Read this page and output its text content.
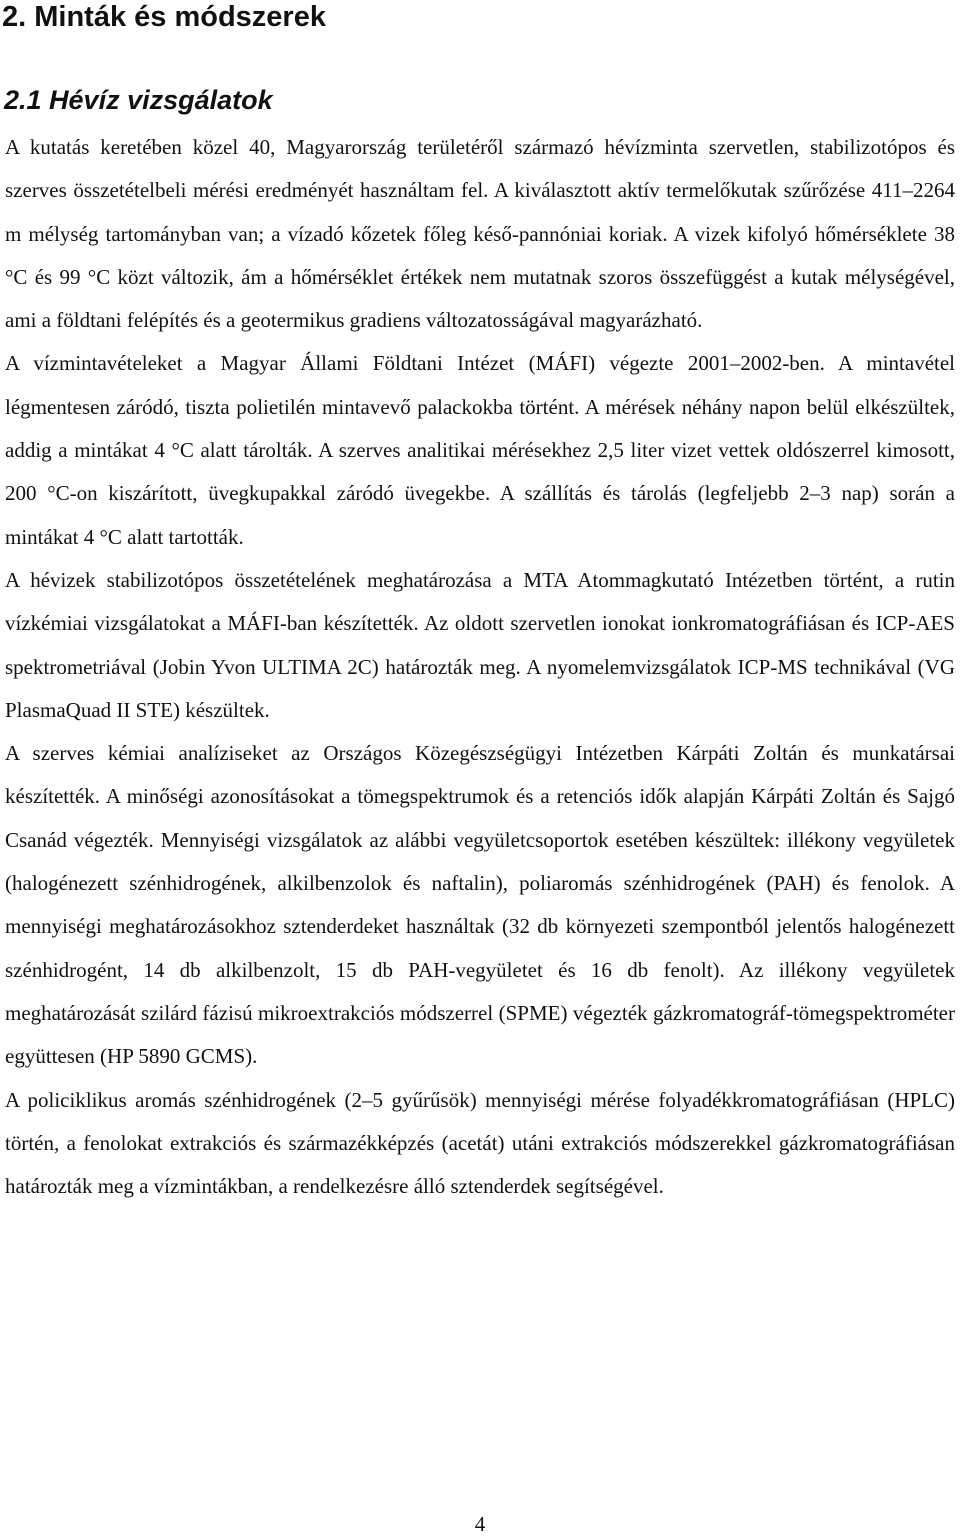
2. Minták és módszerek
2.1 Hévíz vizsgálatok

A kutatás keretében közel 40, Magyarország területéről származó hévízminta szervetlen, stabilizotópos és szerves összetételbeli mérési eredményét használtam fel. A kiválasztott aktív termelőkutak szűrőzése 411–2264 m mélység tartományban van; a vízadó kőzetek főleg késő-pannóniai koriak. A vizek kifolyó hőmérséklete 38 °C és 99 °C közt változik, ám a hőmérséklet értékek nem mutatnak szoros összefüggést a kutak mélységével, ami a földtani felépítés és a geotermikus gradiens változatosságával magyarázható.

A vízmintavételeket a Magyar Állami Földtani Intézet (MÁFI) végezte 2001–2002-ben. A mintavétel légmentesen záródó, tiszta polietilén mintavevő palackokba történt. A mérések néhány napon belül elkészültek, addig a mintákat 4 °C alatt tárolták. A szerves analitikai mérésekhez 2,5 liter vizet vettek oldószerrel kimosott, 200 °C-on kiszárított, üvegkupakkal záródó üvegekbe. A szállítás és tárolás (legfeljebb 2–3 nap) során a mintákat 4 °C alatt tartották.

A hévizek stabilizotópos összetételének meghatározása a MTA Atommagkutató Intézetben történt, a rutin vízkémiai vizsgálatokat a MÁFI-ban készítették. Az oldott szervetlen ionokat ionkromatográfiásan és ICP-AES spektrometriával (Jobin Yvon ULTIMA 2C) határozták meg. A nyomelemvizsgálatok ICP-MS technikával (VG PlasmaQuad II STE) készültek.

A szerves kémiai analíziseket az Országos Közegészségügyi Intézetben Kárpáti Zoltán és munkatársai készítették. A minőségi azonosításokat a tömegspektrumok és a retenciós idők alapján Kárpáti Zoltán és Sajgó Csanád végezték. Mennyiségi vizsgálatok az alábbi vegyületcsoportok esetében készültek: illékony vegyületek (halogénezett szénhidrogének, alkilbenzolok és naftalin), poliaromás szénhidrogének (PAH) és fenolok. A mennyiségi meghatározásokhoz sztenderdeket használtak (32 db környezeti szempontból jelentős halogénezett szénhidrogént, 14 db alkilbenzolt, 15 db PAH-vegyületet és 16 db fenolt). Az illékony vegyületek meghatározását szilárd fázisú mikroextrakciós módszerrel (SPME) végezték gázkromatográf-tömegspektrométer együttesen (HP 5890 GCMS).

A policiklikus aromás szénhidrogének (2–5 gyűrűsök) mennyiségi mérése folyadékkromatográfiásan (HPLC) történ, a fenolokat extrakciós és származékképzés (acetát) utáni extrakciós módszerekkel gázkromatográfiásan határozták meg a vízmintákban, a rendelkezésre álló sztenderdek segítségével.

4
